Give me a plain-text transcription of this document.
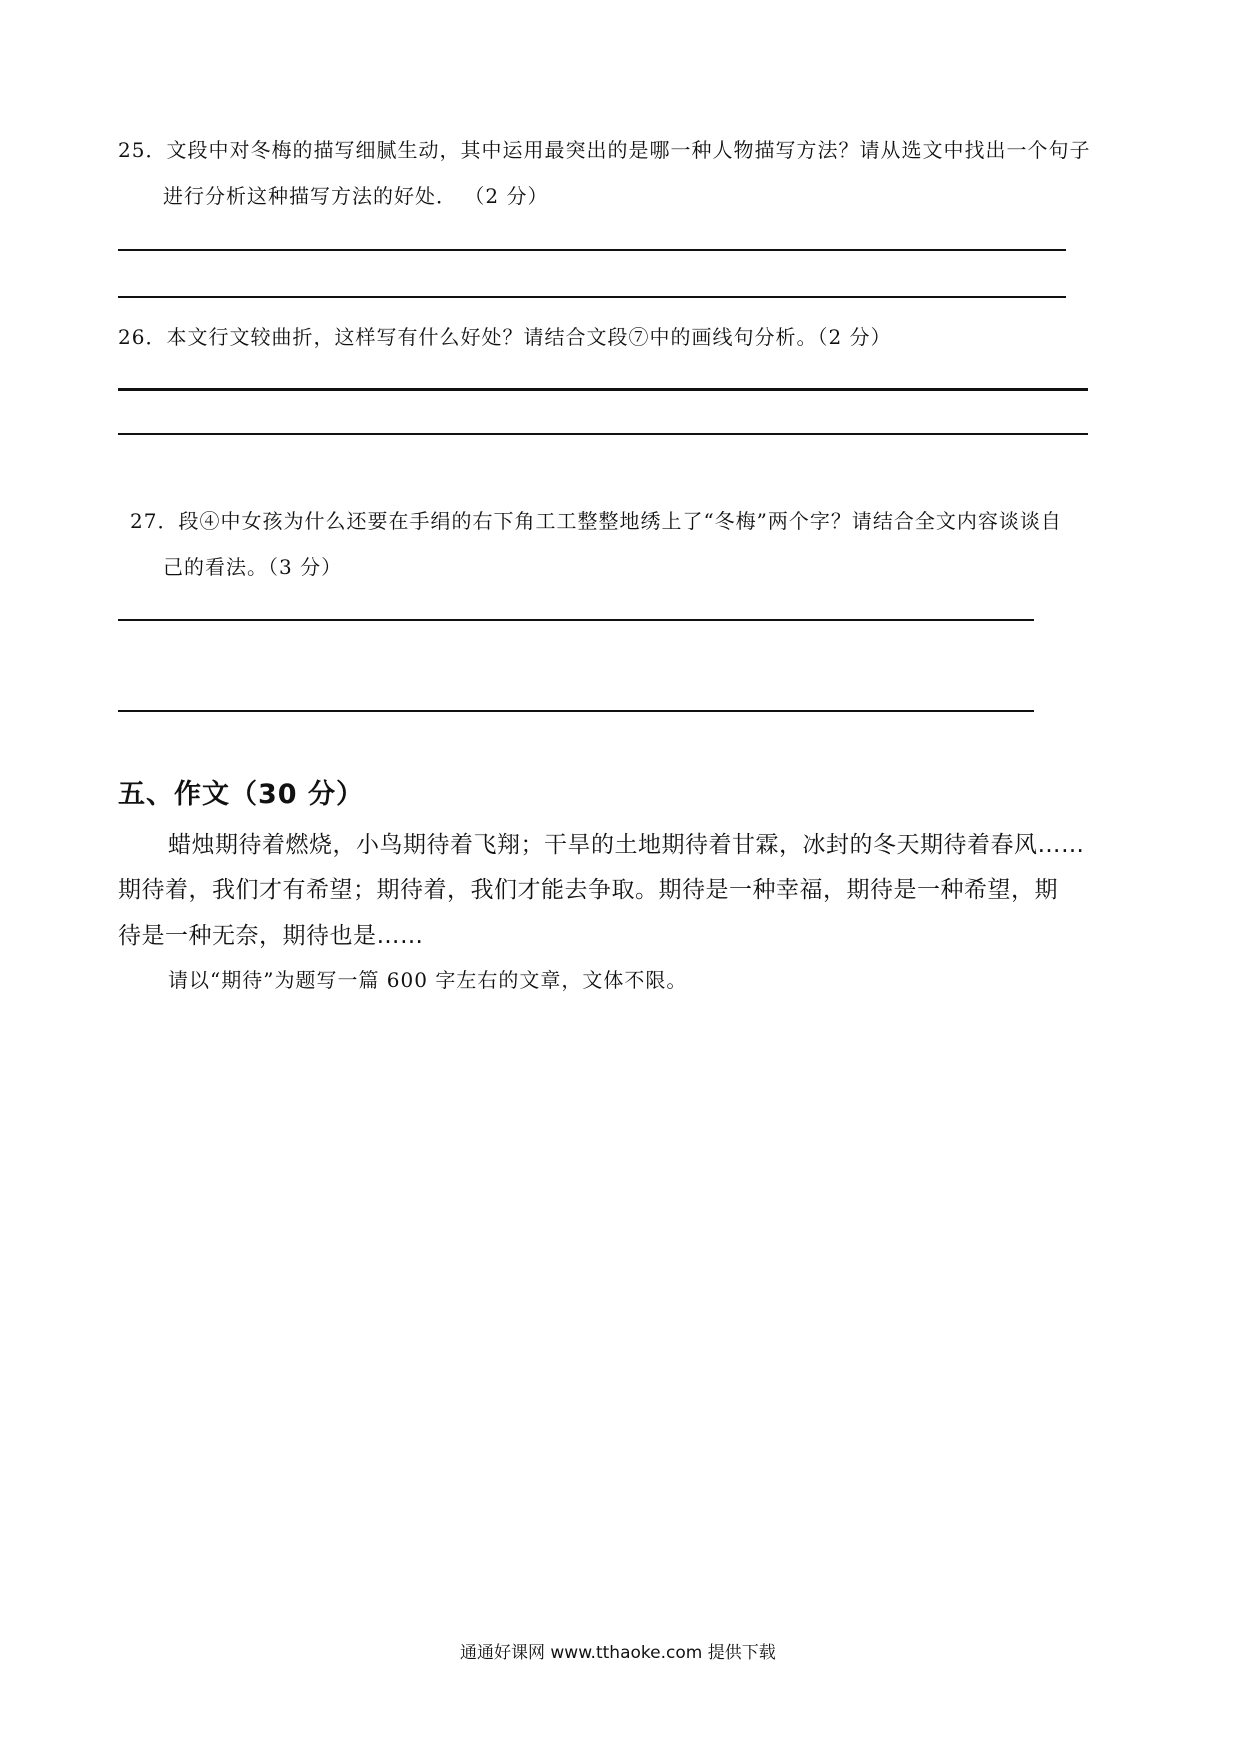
25．文段中对冬梅的描写细腻生动，其中运用最突出的是哪一种人物描写方法？请从选文中找出一个句子
进行分析这种描写方法的好处． （2 分）
26．本文行文较曲折，这样写有什么好处？请结合文段⑦中的画线句分析。（2 分）
27．段④中女孩为什么还要在手绢的右下角工工整整地绣上了“冬梅”两个字？请结合全文内容谈谈自
己的看法。（3 分）
五、作文（30 分）
蜡烛期待着燃烧，小鸟期待着飞翔；干旱的土地期待着甘霖，冰封的冬天期待着春风……
期待着，我们才有希望；期待着，我们才能去争取。期待是一种幸福，期待是一种希望，期
待是一种无奈，期待也是……
请以“期待”为题写一篇 600 字左右的文章，文体不限。
通通好课网 www.tthaoke.com 提供下载
